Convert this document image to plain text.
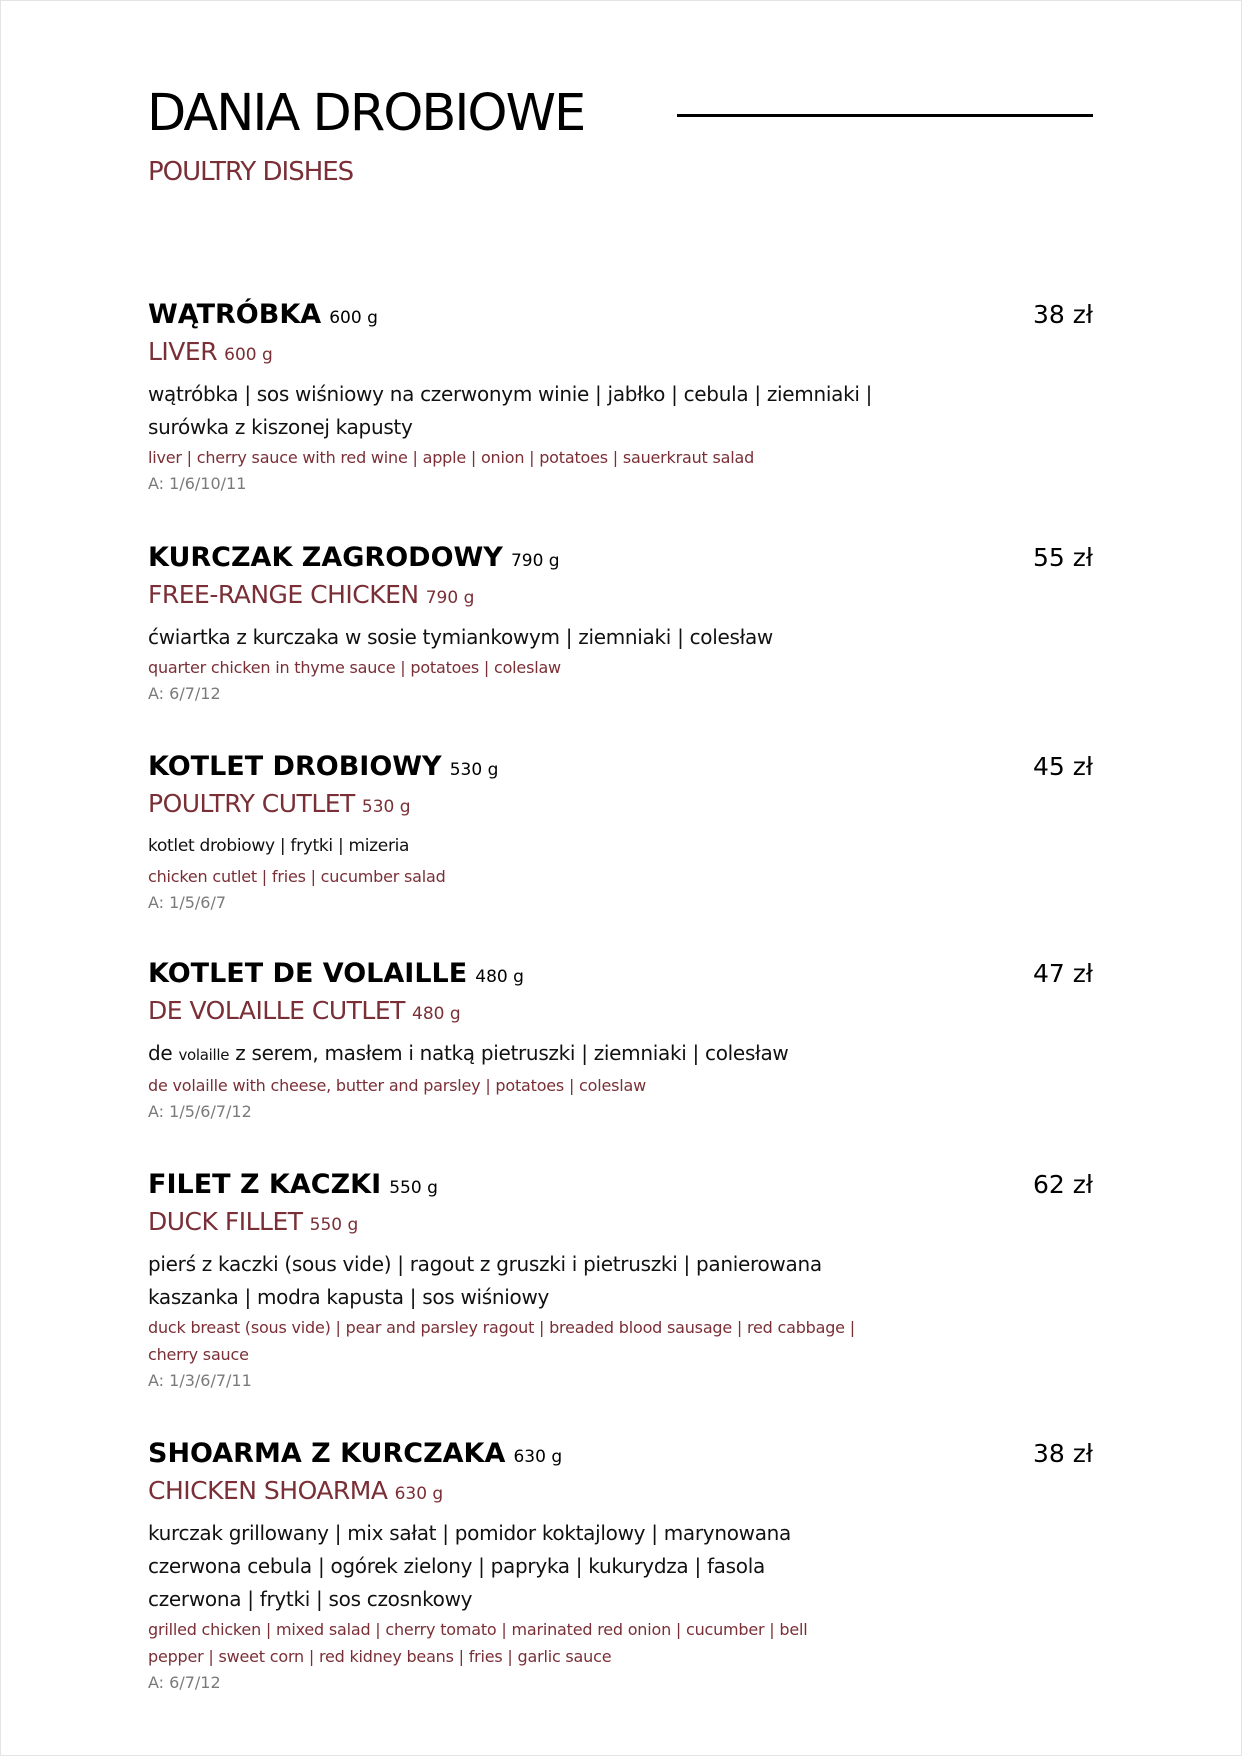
DANIA DROBIOWE
POULTRY DISHES
WĄTRÓBKA 600 g	38 zł
LIVER 600 g
wątróbka | sos wiśniowy na czerwonym winie | jabłko | cebula | ziemniaki | surówka z kiszonej kapusty
liver | cherry sauce with red wine | apple | onion | potatoes | sauerkraut salad
A: 1/6/10/11
KURCZAK ZAGRODOWY 790 g	55 zł
FREE-RANGE CHICKEN 790 g
ćwiartka z kurczaka w sosie tymiankowym | ziemniaki | colesław
quarter chicken in thyme sauce | potatoes | coleslaw
A: 6/7/12
KOTLET DROBIOWY 530 g	45 zł
POULTRY CUTLET 530 g
kotlet drobiowy | frytki | mizeria
chicken cutlet | fries | cucumber salad
A: 1/5/6/7
KOTLET DE VOLAILLE 480 g	47 zł
DE VOLAILLE CUTLET 480 g
de volaille z serem, masłem i natką pietruszki | ziemniaki | colesław
de volaille with cheese, butter and parsley | potatoes | coleslaw
A: 1/5/6/7/12
FILET Z KACZKI 550 g	62 zł
DUCK FILLET 550 g
pierś z kaczki (sous vide) | ragout z gruszki i pietruszki | panierowana kaszanka | modra kapusta | sos wiśniowy
duck breast (sous vide) | pear and parsley ragout | breaded blood sausage | red cabbage | cherry sauce
A: 1/3/6/7/11
SHOARMA Z KURCZAKA 630 g	38 zł
CHICKEN SHOARMA 630 g
kurczak grillowany | mix sałat | pomidor koktajlowy | marynowana czerwona cebula | ogórek zielony | papryka | kukurydza | fasola czerwona | frytki | sos czosnkowy
grilled chicken | mixed salad | cherry tomato | marinated red onion | cucumber | bell pepper | sweet corn | red kidney beans | fries | garlic sauce
A: 6/7/12
